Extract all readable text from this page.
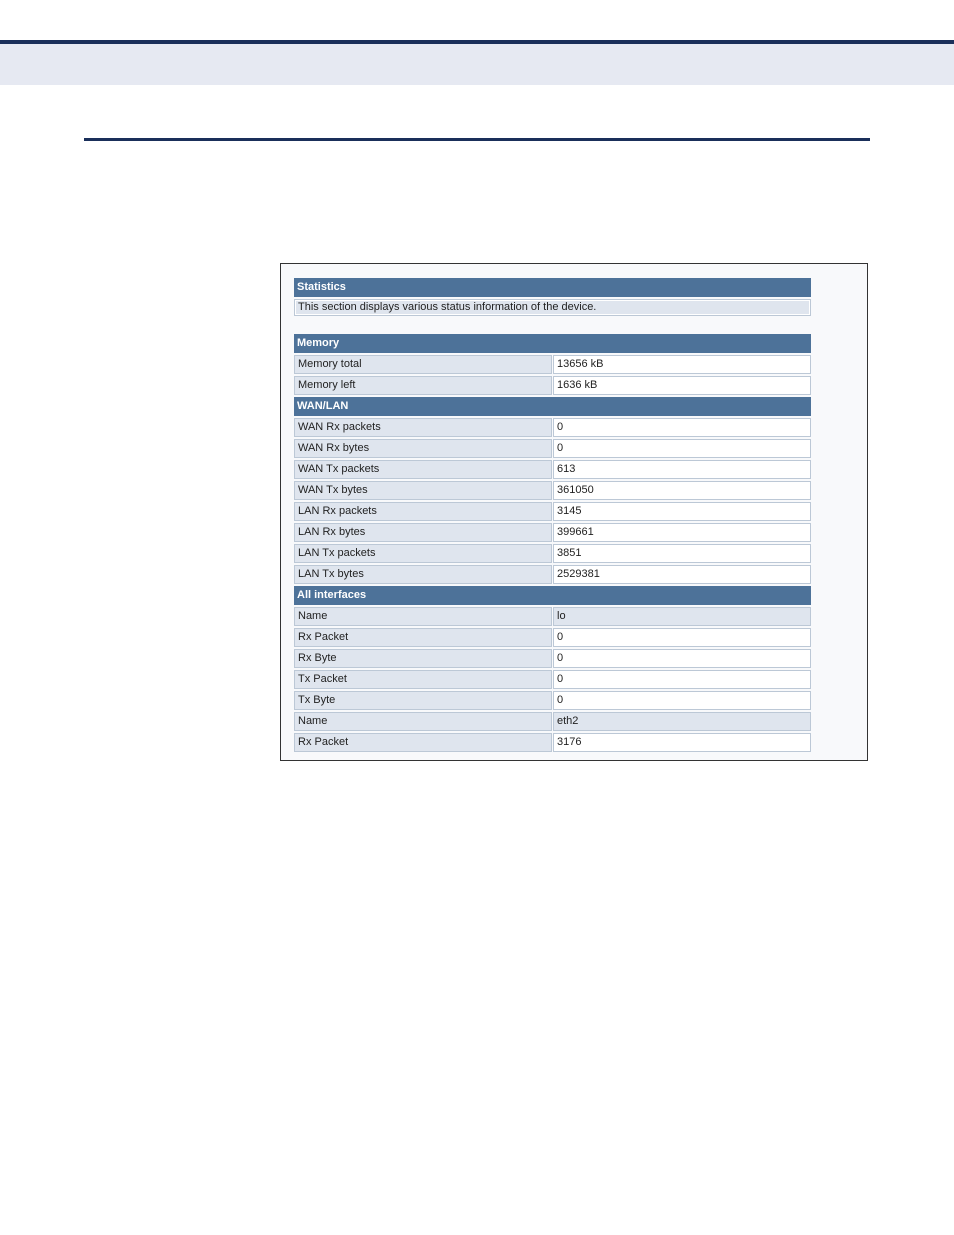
Statistics
This section displays various status information of the device.
Memory
Memory total	13656 kB
Memory left	1636 kB
WAN/LAN
WAN Rx packets	0
WAN Rx bytes	0
WAN Tx packets	613
WAN Tx bytes	361050
LAN Rx packets	3145
LAN Rx bytes	399661
LAN Tx packets	3851
LAN Tx bytes	2529381
All interfaces
Name	lo
Rx Packet	0
Rx Byte	0
Tx Packet	0
Tx Byte	0
Name	eth2
Rx Packet	3176
